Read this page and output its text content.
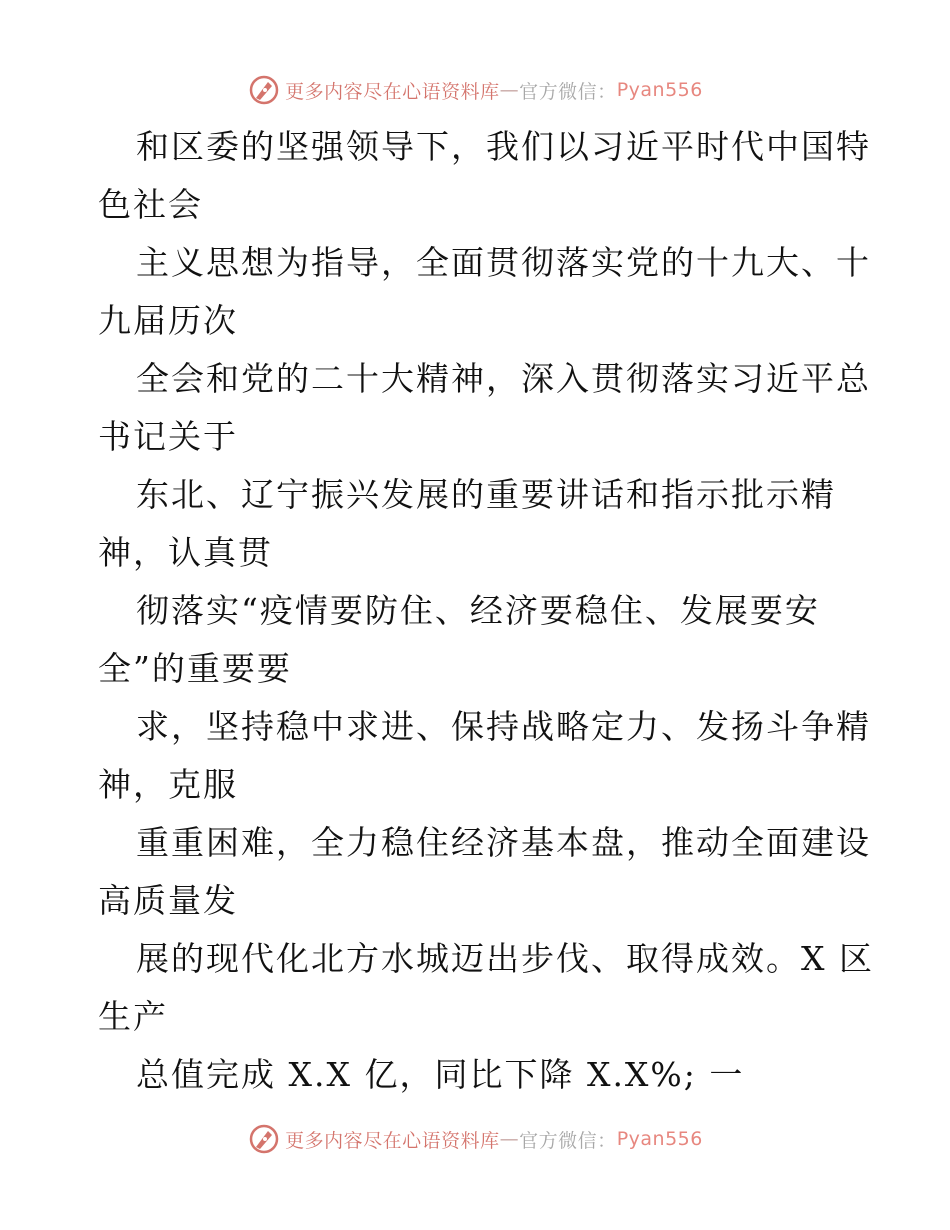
更多内容尽在心语资料库 — 官方微信： Pyan556
和区委的坚强领导下，我们以习近平时代中国特
色社会
主义思想为指导，全面贯彻落实党的十九大、十
九届历次
全会和党的二十大精神，深入贯彻落实习近平总
书记关于
东北、辽宁振兴发展的重要讲话和指示批示精
神，认真贯
彻落实“疫情要防住、经济要稳住、发展要安
全”的重要要
求，坚持稳中求进、保持战略定力、发扬斗争精
神，克服
重重困难，全力稳住经济基本盘，推动全面建设
高质量发
展的现代化北方水城迈出步伐、取得成效。X 区
生产
总值完成 X.X 亿，同比下降 X.X%; 一
更多内容尽在心语资料库 — 官方微信： Pyan556
